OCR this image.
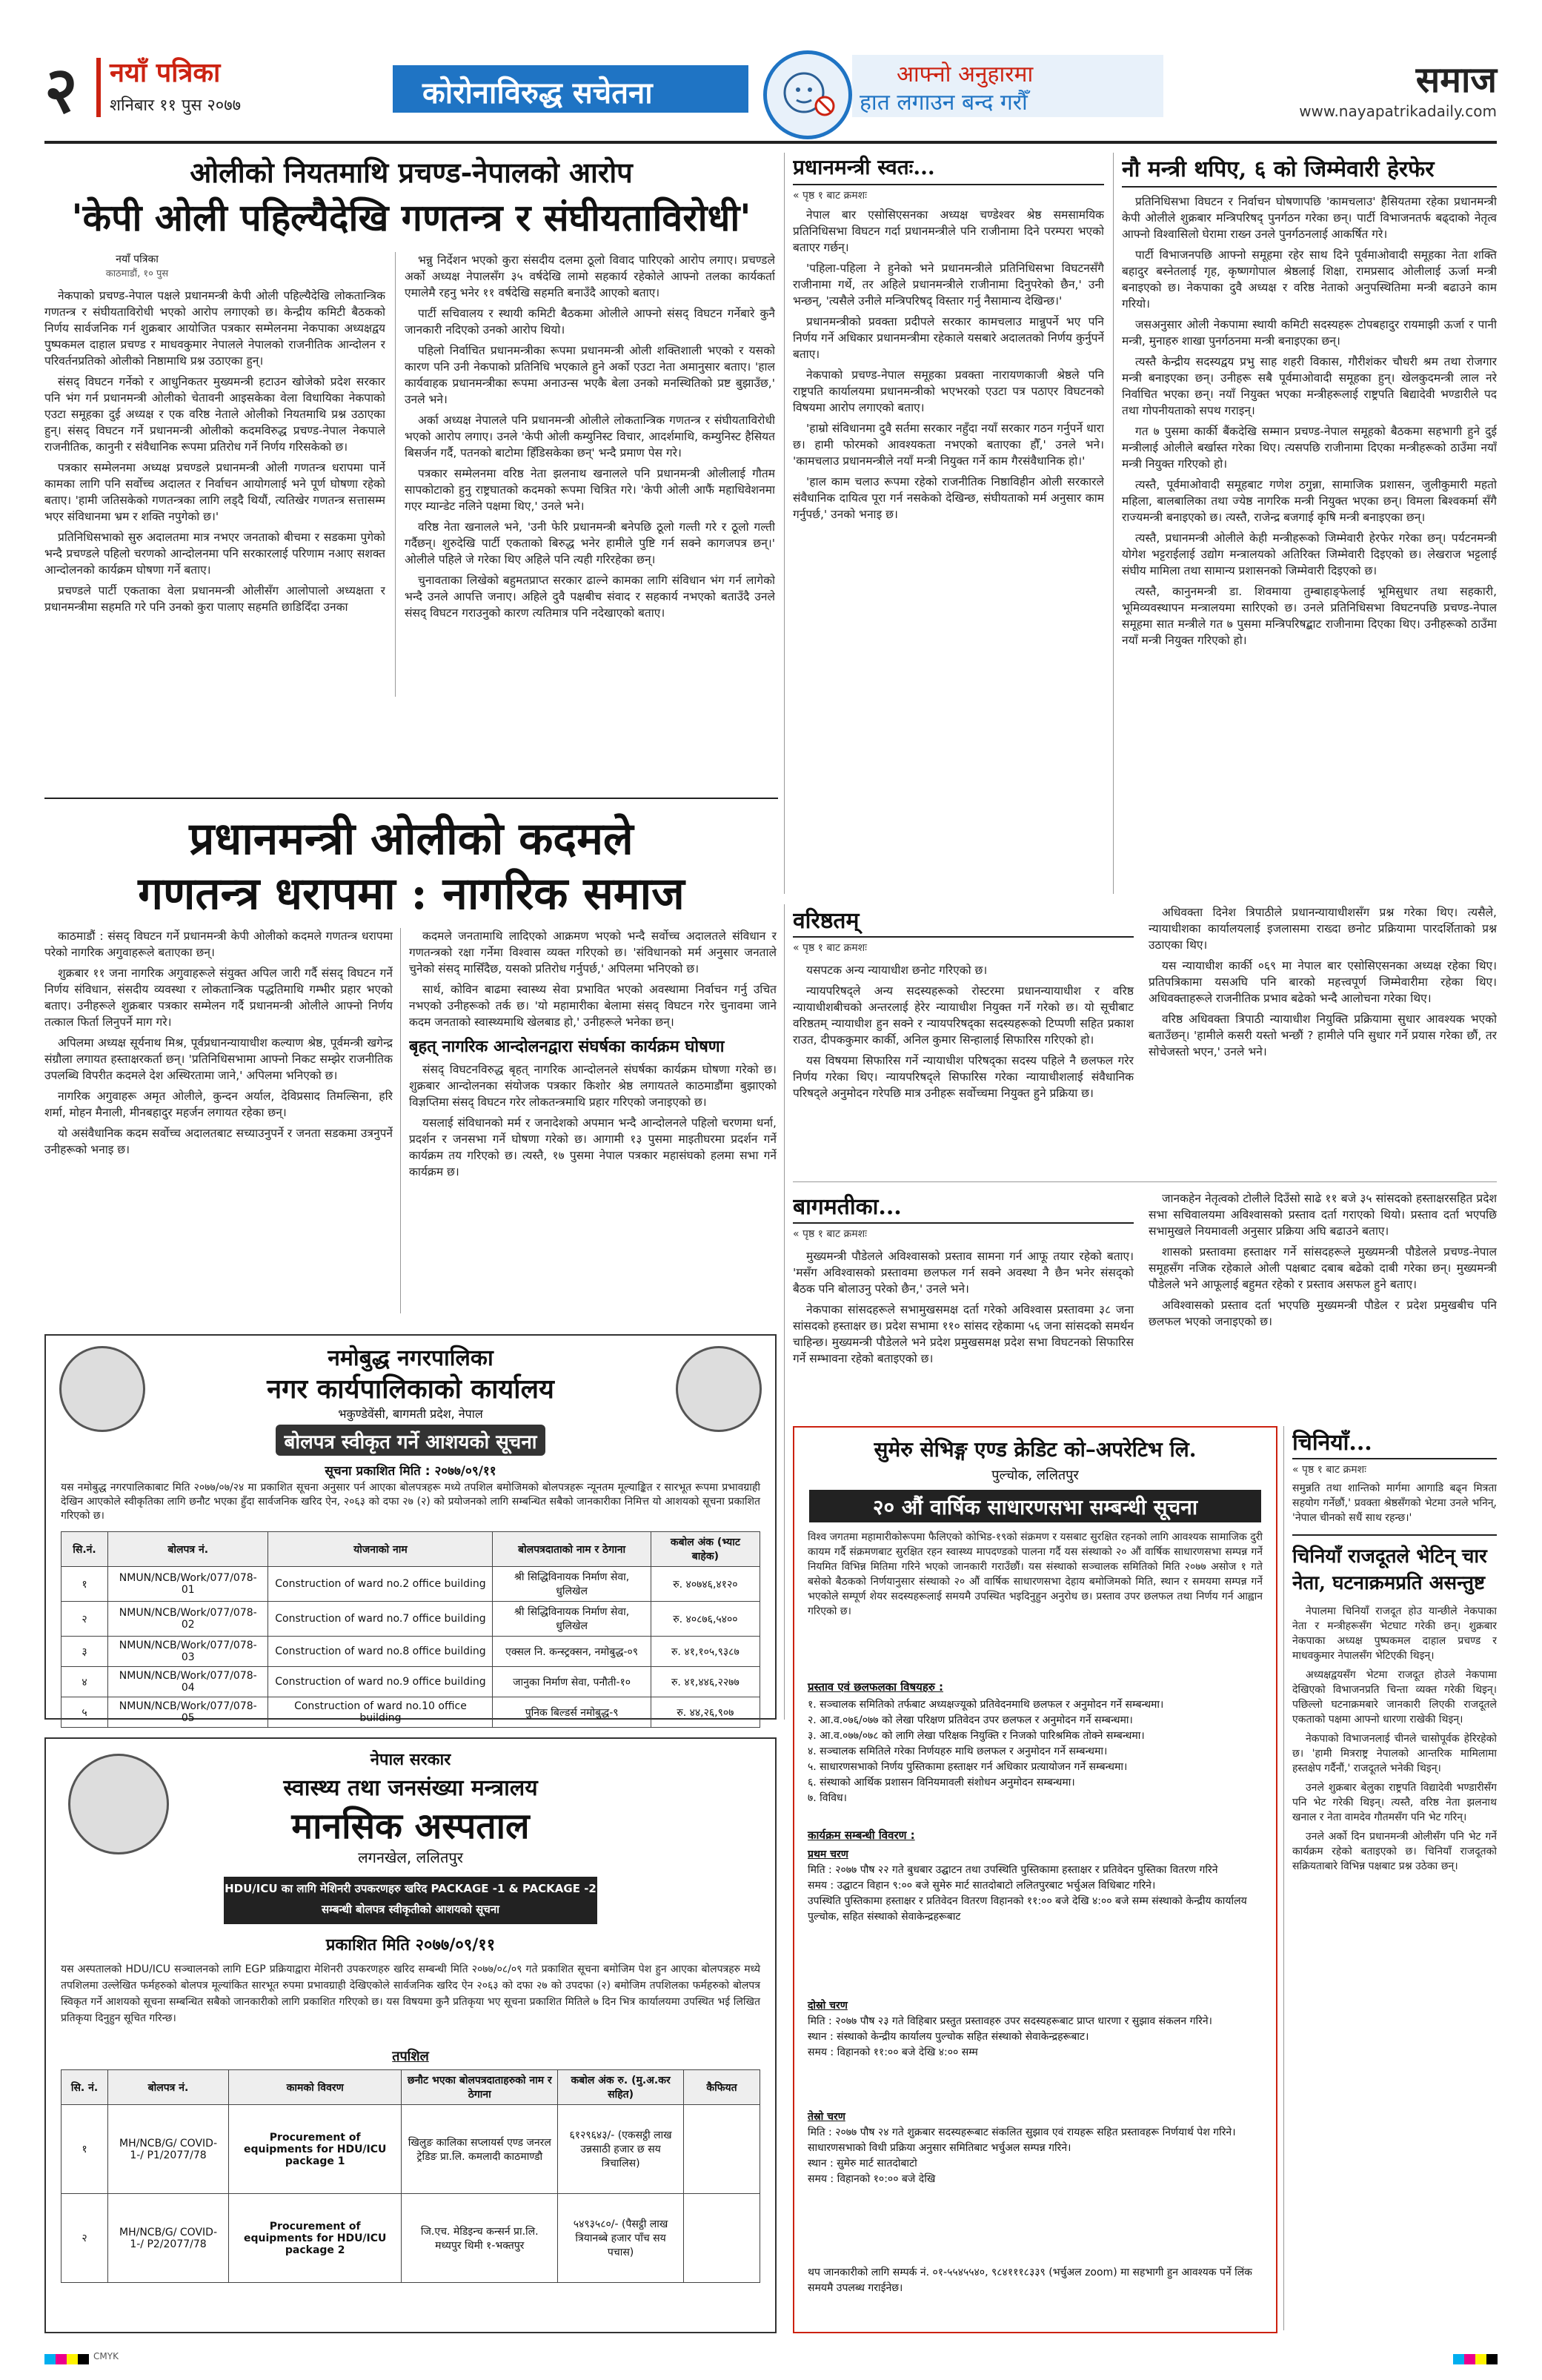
२ नयाँ पत्रिका
शनिबार ११ पुस २०७७	कोरोनाविरुद्ध सचेतना
आफ्नो अनुहारमा
हात लगाउन बन्द गरौँ
समाज
www.nayapatrikadaily.com
ओलीको नियतमाथि प्रचण्ड-नेपालको आरोप
'केपी ओली पहिल्यैदेखि गणतन्त्र र संघीयताविरोधी'
नयाँ पत्रिका
काठमाडौं, १० पुस

नेकपाको प्रचण्ड-नेपाल पक्षले प्रधानमन्त्री केपी ओली पहिल्यैदेखि लोकतान्त्रिक गणतन्त्र र संघीयताविरोधी भएको आरोप लगाएको छ। केन्द्रीय कमिटी बैठकको निर्णय सार्वजनिक गर्न शुक्रबार आयोजित पत्रकार सम्मेलनमा नेकपाका अध्यक्षद्वय पुष्पकमल दाहाल प्रचण्ड र माधवकुमार नेपालले नेपालको राजनीतिक आन्दोलन र परिवर्तनप्रतिको ओलीको निष्ठामाथि प्रश्न उठाएका हुन्।

संसद् विघटन गर्नेको र आधुनिकतर मुख्यमन्त्री हटाउन खोजेको प्रदेश सरकार पनि भंग गर्न प्रधानमन्त्री ओलीको चेतावनी आइसकेका वेला विधायिका नेकपाको एउटा समूहका दुई अध्यक्ष र एक वरिष्ठ नेताले ओलीको नियतमाथि प्रश्न उठाएका हुन्। संसद् विघटन गर्ने प्रधानमन्त्री ओलीको कदमविरुद्ध प्रचण्ड-नेपाल नेकपाले राजनीतिक, कानुनी र संवैधानिक रूपमा प्रतिरोध गर्ने निर्णय गरिसकेको छ।

पत्रकार सम्मेलनमा अध्यक्ष प्रचण्डले प्रधानमन्त्री ओली गणतन्त्र धरापमा पार्ने कामका लागि पनि सर्वोच्च अदालत र निर्वाचन आयोगलाई भने पूर्ण घोषणा रहेको बताए। 'हामी जतिसकेको गणतन्त्रका लागि लड्दै थियौं, त्यतिखेर गणतन्त्र सत्तासम्म भएर संविधानमा भ्रम र शक्ति नपुगेको छ।'

प्रतिनिधिसभाको सुरु अदालतमा मात्र नभएर जनताको बीचमा र सडकमा पुगेको भन्दै प्रचण्डले पहिलो चरणको आन्दोलनमा पनि सरकारलाई परिणाम नआए सशक्त आन्दोलनको कार्यक्रम घोषणा गर्ने बताए।

प्रचण्डले पार्टी एकताका वेला प्रधानमन्त्री ओलीसँग आलोपालो अध्यक्षता र प्रधानमन्त्रीमा सहमति गरे पनि उनको कुरा पालाए सहमति छाडिदिँदा उनका

भन्नु निर्देशन भएको कुरा संसदीय दलमा ठूलो विवाद पारिएको आरोप लगाए। प्रचण्डले अर्को अध्यक्ष नेपालसँग ३५ वर्षदेखि लामो सहकार्य रहेकोले आफ्नो तलका कार्यकर्ता एमालेमै रहनु भनेर ११ वर्षदेखि सहमति बनाउँदै आएको बताए।

पार्टी सचिवालय र स्थायी कमिटी बैठकमा ओलीले आफ्नो संसद् विघटन गर्नेबारे कुनै जानकारी नदिएको उनको आरोप थियो।

पहिलो निर्वाचित प्रधानमन्त्रीका रूपमा प्रधानमन्त्री ओली शक्तिशाली भएको र यसको कारण पनि उनी नेकपाको प्रतिनिधि भएकाले हुने अर्को एउटा नेता अमानुसार बताए। 'हाल कार्यवाहक प्रधानमन्त्रीका रूपमा अनाउन्स भएकै बेला उनको मनस्थितिको प्रष्ट बुझाउँछ,' उनले भने।

अर्का अध्यक्ष नेपालले पनि प्रधानमन्त्री ओलीले लोकतान्त्रिक गणतन्त्र र संघीयताविरोधी भएको आरोप लगाए। उनले 'केपी ओली कम्युनिस्ट विचार, आदर्शमाथि, कम्युनिस्ट हैसियत बिसर्जन गर्दै, पतनको बाटोमा हिँडिसकेका छन्' भन्दै प्रमाण पेस गरे।

पत्रकार सम्मेलनमा वरिष्ठ नेता झलनाथ खनालले पनि प्रधानमन्त्री ओलीलाई गौतम सापकोटाको हुनु राष्ट्रघातको कदमको रूपमा चित्रित गरे। 'केपी ओली आफैं महाधिवेशनमा गएर म्यान्डेट नलिने पक्षमा थिए,' उनले भने।

वरिष्ठ नेता खनालले भने, 'उनी फेरि प्रधानमन्त्री बनेपछि ठूलो गल्ती गरे र ठूलो गल्ती गर्दैछन्। शुरुदेखि पार्टी एकताको बिरुद्ध भनेर हामीले पुष्टि गर्न सक्ने कागजपत्र छन्।' ओलीले पहिले जे गरेका थिए अहिले पनि त्यही गरिरहेका छन्।

चुनावताका लिखेको बहुमतप्राप्त सरकार ढाल्ने कामका लागि संविधान भंग गर्न लागेको भन्दै उनले आपत्ति जनाए। अहिले दुवै पक्षबीच संवाद र सहकार्य नभएको बताउँदै उनले संसद् विघटन गराउनुको कारण त्यतिमात्र पनि नदेखाएको बताए।

प्रधानमन्त्री स्वतः...
« पृष्ठ १ बाट क्रमशः

नेपाल बार एसोसिएसनका अध्यक्ष चण्डेश्वर श्रेष्ठ समसामयिक प्रतिनिधिसभा विघटन गर्दा प्रधानमन्त्रीले पनि राजीनामा दिने परम्परा भएको बताएर गर्छन्।

'पहिला-पहिला ने हुनेको भने प्रधानमन्त्रीले प्रतिनिधिसभा विघटनसँगै राजीनामा गर्थे, तर अहिले प्रधानमन्त्रीले राजीनामा दिनुपरेको छैन,' उनी भन्छन्, 'त्यसैले उनीले मन्त्रिपरिषद् विस्तार गर्नु नैसामान्य देखिन्छ।'

प्रधानमन्त्रीको प्रवक्ता प्रदीपले सरकार कामचलाउ मान्नुपर्ने भए पनि निर्णय गर्ने अधिकार प्रधानमन्त्रीमा रहेकाले यसबारे अदालतको निर्णय कुर्नुपर्ने बताए।

नेकपाको प्रचण्ड-नेपाल समूहका प्रवक्ता नारायणकाजी श्रेष्ठले पनि राष्ट्रपति कार्यालयमा प्रधानमन्त्रीको भएभरको एउटा पत्र पठाएर विघटनको विषयमा आरोप लगाएको बताए।

'हाम्रो संविधानमा दुवै सर्तमा सरकार नहुँदा नयाँ सरकार गठन गर्नुपर्ने धारा छ। हामी फोरमको आवश्यकता नभएको बताएका हौँ,' उनले भने। 'कामचलाउ प्रधानमन्त्रीले नयाँ मन्त्री नियुक्त गर्ने काम गैरसंवैधानिक हो।'

'हाल काम चलाउ रूपमा रहेको राजनीतिक निष्ठाविहीन ओली सरकारले संवैधानिक दायित्व पूरा गर्न नसकेको देखिन्छ, संघीयताको मर्म अनुसार काम गर्नुपर्छ,' उनको भनाइ छ।

नौ मन्त्री थपिए, ६ को जिम्मेवारी हेरफेर

प्रतिनिधिसभा विघटन र निर्वाचन घोषणापछि 'कामचलाउ' हैसियतमा रहेका प्रधानमन्त्री केपी ओलीले शुक्रबार मन्त्रिपरिषद् पुनर्गठन गरेका छन्। पार्टी विभाजनतर्फ बढ्दाको नेतृत्व आफ्नो विश्वासिलो घेरामा राख्न उनले पुनर्गठनलाई आकर्षित गरे।

पार्टी विभाजनपछि आफ्नो समूहमा रहेर साथ दिने पूर्वमाओवादी समूहका नेता शक्ति बहादुर बस्नेतलाई गृह, कृष्णगोपाल श्रेष्ठलाई शिक्षा, रामप्रसाद ओलीलाई ऊर्जा मन्त्री बनाइएको छ। नेकपाका दुवै अध्यक्ष र वरिष्ठ नेताको अनुपस्थितिमा मन्त्री बढाउने काम गरियो।

जसअनुसार ओली नेकपामा स्थायी कमिटी सदस्यहरू टोपबहादुर रायमाझी ऊर्जा र पानी मन्त्री, मुनाहरु शाखा पुनर्गठनमा मन्त्री बनाइएका छन्।

त्यस्तै केन्द्रीय सदस्यद्वय प्रभु साह शहरी विकास, गौरीशंकर चौधरी श्रम तथा रोजगार मन्त्री बनाइएका छन्। उनीहरू सबै पूर्वमाओवादी समूहका हुन्। खेलकुदमन्त्री लाल नरे निर्वाचित भएका छन्। नयाँ नियुक्त भएका मन्त्रीहरूलाई राष्ट्रपति बिद्यादेवी भण्डारीले पद तथा गोपनीयताको सपथ गराइन्।

गत ७ पुसमा कार्की बैंकदेखि सम्मान प्रचण्ड-नेपाल समूहको बैठकमा सहभागी हुने दुई मन्त्रीलाई ओलीले बर्खास्त गरेका थिए। त्यसपछि राजीनामा दिएका मन्त्रीहरूको ठाउँमा नयाँ मन्त्री नियुक्त गरिएको हो।

त्यस्तै, पूर्वमाओवादी समूहबाट गणेश ठगुन्ना, सामाजिक प्रशासन, जुलीकुमारी महतो महिला, बालबालिका तथा ज्येष्ठ नागरिक मन्त्री नियुक्त भएका छन्। विमला बिश्वकर्मा सँगै राज्यमन्त्री बनाइएको छ। त्यस्तै, राजेन्द्र बजगाई कृषि मन्त्री बनाइएका छन्।

त्यस्तै, प्रधानमन्त्री ओलीले केही मन्त्रीहरूको जिम्मेवारी हेरफेर गरेका छन्। पर्यटनमन्त्री योगेश भट्टराईलाई उद्योग मन्त्रालयको अतिरिक्त जिम्मेवारी दिइएको छ। लेखराज भट्टलाई संघीय मामिला तथा सामान्य प्रशासनको जिम्मेवारी दिइएको छ।

त्यस्तै, कानुनमन्त्री डा. शिवमाया तुम्बाहाङ्फेलाई भूमिसुधार तथा सहकारी, भूमिव्यवस्थापन मन्त्रालयमा सारिएको छ। उनले प्रतिनिधिसभा विघटनपछि प्रचण्ड-नेपाल समूहमा सात मन्त्रीले गत ७ पुसमा मन्त्रिपरिषद्बाट राजीनामा दिएका थिए। उनीहरूको ठाउँमा नयाँ मन्त्री नियुक्त गरिएको हो।

प्रधानमन्त्री ओलीको कदमले
गणतन्त्र धरापमा : नागरिक समाज

काठमाडौं : संसद् विघटन गर्ने प्रधानमन्त्री केपी ओलीको कदमले गणतन्त्र धरापमा परेको नागरिक अगुवाहरूले बताएका छन्।

शुक्रबार ११ जना नागरिक अगुवाहरूले संयुक्त अपिल जारी गर्दै संसद् विघटन गर्ने निर्णय संविधान, संसदीय व्यवस्था र लोकतान्त्रिक पद्धतिमाथि गम्भीर प्रहार भएको बताए। उनीहरूले शुक्रबार पत्रकार सम्मेलन गर्दै प्रधानमन्त्री ओलीले आफ्नो निर्णय तत्काल फिर्ता लिनुपर्ने माग गरे।

अपिलमा अध्यक्ष सूर्यनाथ मिश्र, पूर्वप्रधानन्यायाधीश कल्याण श्रेष्ठ, पूर्वमन्त्री खगेन्द्र संग्रौला लगायत हस्ताक्षरकर्ता छन्। 'प्रतिनिधिसभामा आफ्नो निकट सम्झेर राजनीतिक उपलब्धि विपरीत कदमले देश अस्थिरतामा जाने,' अपिलमा भनिएको छ।

नागरिक अगुवाहरू अमृत ओलीले, कुन्दन अर्याल, देविप्रसाद तिमल्सिना, हरि शर्मा, मोहन मैनाली, मीनबहादुर महर्जन लगायत रहेका छन्।

यो असंवैधानिक कदम सर्वोच्च अदालतबाट सच्याउनुपर्ने र जनता सडकमा उत्रनुपर्ने उनीहरूको भनाइ छ।

कदमले जनतामाथि लादिएको आक्रमण भएको भन्दै सर्वोच्च अदालतले संविधान र गणतन्त्रको रक्षा गर्नेमा विश्वास व्यक्त गरिएको छ। 'संविधानको मर्म अनुसार जनताले चुनेको संसद् मासिँदैछ, यसको प्रतिरोध गर्नुपर्छ,' अपिलमा भनिएको छ।

सार्थ, कोविन बाढमा स्वास्थ्य सेवा प्रभावित भएको अवस्थामा निर्वाचन गर्नु उचित नभएको उनीहरूको तर्क छ। 'यो महामारीका बेलामा संसद् विघटन गरेर चुनावमा जाने कदम जनताको स्वास्थ्यमाथि खेलबाड हो,' उनीहरूले भनेका छन्।

बृहत् नागरिक आन्दोलनद्वारा संघर्षका कार्यक्रम घोषणा

संसद् विघटनविरुद्ध बृहत् नागरिक आन्दोलनले संघर्षका कार्यक्रम घोषणा गरेको छ। शुक्रबार आन्दोलनका संयोजक पत्रकार किशोर श्रेष्ठ लगायतले काठमाडौंमा बुझाएको विज्ञप्तिमा संसद् विघटन गरेर लोकतन्त्रमाथि प्रहार गरिएको जनाइएको छ।

यसलाई संविधानको मर्म र जनादेशको अपमान भन्दै आन्दोलनले पहिलो चरणमा धर्ना, प्रदर्शन र जनसभा गर्ने घोषणा गरेको छ। आगामी १३ पुसमा माइतीघरमा प्रदर्शन गर्ने कार्यक्रम तय गरिएको छ। त्यस्तै, १७ पुसमा नेपाल पत्रकार महासंघको हलमा सभा गर्ने कार्यक्रम छ।

वरिष्ठतम्
« पृष्ठ १ बाट क्रमशः

यसपटक अन्य न्यायाधीश छनोट गरिएको छ।

न्यायपरिषद्ले अन्य सदस्यहरूको रोस्टरमा प्रधानन्यायाधीश र वरिष्ठ न्यायाधीशबीचको अन्तरलाई हेरेर न्यायाधीश नियुक्त गर्ने गरेको छ। यो सूचीबाट वरिष्ठतम् न्यायाधीश हुन सक्ने र न्यायपरिषद्का सदस्यहरूको टिप्पणी सहित प्रकाश राउत, दीपककुमार कार्की, अनिल कुमार सिन्हालाई सिफारिस गरिएको हो।

यस विषयमा सिफारिस गर्ने न्यायाधीश परिषद्का सदस्य पहिले नै छलफल गरेर निर्णय गरेका थिए। न्यायपरिषद्ले सिफारिस गरेका न्यायाधीशलाई संवैधानिक परिषद्ले अनुमोदन गरेपछि मात्र उनीहरू सर्वोच्चमा नियुक्त हुने प्रक्रिया छ।

अधिवक्ता दिनेश त्रिपाठीले प्रधानन्यायाधीशसँग प्रश्न गरेका थिए। त्यसैले, न्यायाधीशका कार्यालयलाई इजलासमा राख्दा छनोट प्रक्रियामा पारदर्शिताको प्रश्न उठाएका थिए।

यस न्यायाधीश कार्की ०६९ मा नेपाल बार एसोसिएसनका अध्यक्ष रहेका थिए। प्रतिपत्रिकामा यसअघि पनि बारको महत्त्वपूर्ण जिम्मेवारीमा रहेका थिए। अधिवक्ताहरूले राजनीतिक प्रभाव बढेको भन्दै आलोचना गरेका थिए।

वरिष्ठ अधिवक्ता त्रिपाठी न्यायाधीश नियुक्ति प्रक्रियामा सुधार आवश्यक भएको बताउँछन्। 'हामीले कसरी यस्तो भन्छौं ? हामीले पनि सुधार गर्ने प्रयास गरेका छौं, तर सोचेजस्तो भएन,' उनले भने।

बागमतीका...
« पृष्ठ १ बाट क्रमशः

मुख्यमन्त्री पौडेलले अविश्वासको प्रस्ताव सामना गर्न आफू तयार रहेको बताए। 'मसँग अविश्वासको प्रस्तावमा छलफल गर्न सक्ने अवस्था नै छैन भनेर संसद्‌को बैठक पनि बोलाउनु परेको छैन,' उनले भने।

नेकपाका सांसदहरूले सभामुखसमक्ष दर्ता गरेको अविश्वास प्रस्तावमा ३८ जना सांसदको हस्ताक्षर छ। प्रदेश सभामा ११० सांसद रहेकामा ५६ जना सांसदको समर्थन चाहिन्छ। मुख्यमन्त्री पौडेलले भने प्रदेश प्रमुखसमक्ष प्रदेश सभा विघटनको सिफारिस गर्ने सम्भावना रहेको बताइएको छ।

जानकहेन नेतृत्वको टोलीले दिउँसो साढे ११ बजे ३५ सांसदको हस्ताक्षरसहित प्रदेश सभा सचिवालयमा अविश्वासको प्रस्ताव दर्ता गराएको थियो। प्रस्ताव दर्ता भएपछि सभामुखले नियमावली अनुसार प्रक्रिया अघि बढाउने बताए।

शासको प्रस्तावमा हस्ताक्षर गर्ने सांसदहरूले मुख्यमन्त्री पौडेलले प्रचण्ड-नेपाल समूहसँग नजिक रहेकाले ओली पक्षबाट दबाब बढेको दाबी गरेका छन्। मुख्यमन्त्री पौडेलले भने आफूलाई बहुमत रहेको र प्रस्ताव असफल हुने बताए।

अविश्वासको प्रस्ताव दर्ता भएपछि मुख्यमन्त्री पौडेल र प्रदेश प्रमुखबीच पनि छलफल भएको जनाइएको छ।

नमोबुद्ध नगरपालिका
नगर कार्यपालिकाको कार्यालय
भकुण्डेवेंसी, बागमती प्रदेश, नेपाल
बोलपत्र स्वीकृत गर्ने आशयको सूचना
सूचना प्रकाशित मिति : २०७७/०९/११
यस नमोबुद्ध नगरपालिकाबाट मिति २०७७/०७/२४ मा प्रकाशित सूचना अनुसार पर्न आएका बोलपत्रहरू मध्ये तपशिल बमोजिमको बोलपत्रहरू न्यूनतम मूल्याङ्कित र सारभूत रूपमा प्रभावग्राही देखिन आएकोले स्वीकृतिका लागि छनौट भएका हुँदा सार्वजनिक खरिद ऐन, २०६३ को दफा २७ (२) को प्रयोजनको लागि सम्बन्धित सबैको जानकारीका निमित्त यो आशयको सूचना प्रकाशित गरिएको छ।
सि.नं.	बोलपत्र नं.	योजनाको नाम	बोलपत्रदाताको नाम र ठेगाना	कबोल अंक (भ्याट बाहेक)
१	NMUN/NCB/Work/077/078-01	Construction of ward no.2 office building	श्री सिद्धिविनायक निर्माण सेवा, धुलिखेल	रु. ४०७४६,४१२०
२	NMUN/NCB/Work/077/078-02	Construction of ward no.7 office building	श्री सिद्धिविनायक निर्माण सेवा, धुलिखेल	रु. ४०८७६,५४००
३	NMUN/NCB/Work/077/078-03	Construction of ward no.8 office building	एक्सल नि. कन्स्ट्रक्सन, नमोबुद्ध-०९	रु. ४१,१०५,९३८७
४	NMUN/NCB/Work/077/078-04	Construction of ward no.9 office building	जानुका निर्माण सेवा, पनौती-१०	रु. ४१,४४६,२२७७
५	NMUN/NCB/Work/077/078-05	Construction of ward no.10 office building	पुनिक बिल्डर्स नमोबुद्ध-९	रु. ४४,२६,९०७
नेपाल सरकार
स्वास्थ्य तथा जनसंख्या मन्त्रालय
मानसिक अस्पताल
लगनखेल, ललितपुर
HDU/ICU का लागि मेशिनरी उपकरणहरु खरिद PACKAGE -1 & PACKAGE -2
सम्बन्धी बोलपत्र स्वीकृतीको आशयको सूचना
प्रकाशित मिति २०७७/०९/११
यस अस्पतालको HDU/ICU सञ्चालनको लागि EGP प्रक्रियाद्वारा मेशिनरी उपकरणहरु खरिद सम्बन्धी मिति २०७७/०८/०९ गते प्रकाशित सूचना बमोजिम पेश हुन आएका बोलपत्रहरु मध्ये तपशिलमा उल्लेखित फर्महरुको बोलपत्र मूल्यांकित सारभूत रुपमा प्रभावग्राही देखिएकोले सार्वजनिक खरिद ऐन २०६३ को दफा २७ को उपदफा (२) बमोजिम तपशिलका फर्महरुको बोलपत्र स्विकृत गर्ने आशयको सूचना सम्बन्धित सबैको जानकारीको लागि प्रकाशित गरिएको छ। यस विषयमा कुनै प्रतिकृया भए सूचना प्रकाशित मितिले ७ दिन भित्र कार्यालयमा उपस्थित भई लिखित प्रतिकृया दिनुहुन सूचित गरिन्छ।
तपशिल
सि. नं.	बोलपत्र नं.	कामको विवरण	छनौट भएका बोलपत्रदाताहरुको नाम र ठेगाना	कबोल अंक रु. (मु.अ.कर सहित)	कैफियत
१	MH/NCB/G/ COVID-1-/ P1/2077/78	Procurement of equipments for HDU/ICU package 1	खिलुङ कालिका सप्लायर्स एण्ड जनरल ट्रेडिङ प्रा.लि. कमलादी काठमाण्डौ	६१२९६४३/- (एकसट्ठी लाख उन्नसाठी हजार छ सय त्रिचालिस)	
२	MH/NCB/G/ COVID-1-/ P2/2077/78	Procurement of equipments for HDU/ICU package 2	जि.एच. मेडिइन्च कन्सर्न प्रा.लि. मध्यपुर थिमी १-भक्तपुर	५४९३५८०/- (पैसट्ठी लाख त्रियानब्बे हजार पाँच सय पचास)	
सुमेरु सेभिङ्ग एण्ड क्रेडिट को–अपरेटिभ लि.
पुल्चोक, ललितपुर
२० औं वार्षिक साधारणसभा सम्बन्धी सूचना
विश्व जगतमा महामारीकोरूपमा फैलिएको कोभिड-१९को संक्रमण र यसबाट सुरक्षित रहनको लागि आवश्यक सामाजिक दुरी कायम गर्दै संक्रमणबाट सुरक्षित रहन स्वास्थ्य मापदण्डको पालना गर्दै यस संस्थाको २० औं वार्षिक साधारणसभा सम्पन्न गर्ने नियमित विभिन्न मितिमा गरिने भएको जानकारी गराउँछौं। यस संस्थाको सञ्चालक समितिको मिति २०७७ असोज १ गते बसेको बैठकको निर्णयानुसार संस्थाको २० औं वार्षिक साधारणसभा देहाय बमोजिमको मिति, स्थान र समयमा सम्पन्न गर्ने भएकोले सम्पूर्ण शेयर सदस्यहरूलाई समयमै उपस्थित भइदिनुहुन अनुरोध छ। प्रस्ताव उपर छलफल तथा निर्णय गर्न आह्वान गरिएको छ।
प्रस्ताव एवं छलफलका विषयहरु :
१. सञ्चालक समितिको तर्फबाट अध्यक्षज्यूको प्रतिवेदनमाथि छलफल र अनुमोदन गर्ने सम्बन्धमा।
२. आ.व.०७६/०७७ को लेखा परिक्षण प्रतिवेदन उपर छलफल र अनुमोदन गर्ने सम्बन्धमा।
३. आ.व.०७७/०७८ को लागि लेखा परिक्षक नियुक्ति र निजको पारिश्रमिक तोक्ने सम्बन्धमा।
४. सञ्चालक समितिले गरेका निर्णयहरु माथि छलफल र अनुमोदन गर्ने सम्बन्धमा।
५. साधारणसभाको निर्णय पुस्तिकामा हस्ताक्षर गर्न अधिकार प्रत्यायोजन गर्ने सम्बन्धमा।
६. संस्थाको आर्थिक प्रशासन विनियमावली संशोधन अनुमोदन सम्बन्धमा।
७. विविध।
कार्यक्रम सम्बन्धी विवरण :
प्रथम चरण
मिति : २०७७ पौष २२ गते बुधबार उद्घाटन तथा उपस्थिति पुस्तिकामा हस्ताक्षर र प्रतिवेदन पुस्तिका वितरण गरिने
समय : उद्घाटन विहान ९:०० बजे सुमेरु मार्ट सातदोबाटो ललितपुरबाट भर्चुअल विधिबाट गरिने।
उपस्थिति पुस्तिकामा हस्ताक्षर र प्रतिवेदन वितरण विहानको ११:०० बजे देखि ४:०० बजे सम्म संस्थाको केन्द्रीय कार्यालय पुल्चोक, सहित संस्थाको सेवाकेन्द्रहरूबाट
दोस्रो चरण
मिति : २०७७ पौष २३ गते विहिबार प्रस्तुत प्रस्तावहरु उपर सदस्यहरूबाट प्राप्त धारणा र सुझाव संकलन गरिने।
स्थान : संस्थाको केन्द्रीय कार्यालय पुल्चोक सहित संस्थाको सेवाकेन्द्रहरूबाट।
समय : विहानको ११:०० बजे देखि ४:०० सम्म
तेस्रो चरण
मिति : २०७७ पौष २४ गते शुक्रबार सदस्यहरूबाट संकलित सुझाव एवं रायहरू सहित प्रस्तावहरू निर्णयार्थ पेश गरिने।
साधारणसभाको विधी प्रक्रिया अनुसार समितिबाट भर्चुअल सम्पन्न गरिने।
स्थान : सुमेरु मार्ट सातदोबाटो
समय : विहानको १०:०० बजे देखि
थप जानकारीको लागि सम्पर्क नं. ०१-५५४५५४०, ९८४१११८३३९ (भर्चुअल zoom) मा सहभागी हुन आवश्यक पर्ने लिंक समयमै उपलब्ध गराईनेछ।
चिनियाँ...
« पृष्ठ १ बाट क्रमशः
समुन्नति तथा शान्तिको मार्गमा आगाडि बढ्न मित्रता सहयोग गर्नेछौं,' प्रवक्ता श्रेष्ठसँगको भेटमा उनले भनिन्, 'नेपाल चीनको सधैं साथ रहन्छ।'
चिनियाँ राजदूतले भेटिन् चार नेता, घटनाक्रमप्रति असन्तुष्ट

नेपालमा चिनियाँ राजदूत होउ यान्छीले नेकपाका नेता र मन्त्रीहरूसँग भेटघाट गरेकी छन्। शुक्रबार नेकपाका अध्यक्ष पुष्पकमल दाहाल प्रचण्ड र माधवकुमार नेपालसँग भेटिएकी थिइन्।

अध्यक्षद्वयसँग भेटमा राजदूत होउले नेकपामा देखिएको विभाजनप्रति चिन्ता व्यक्त गरेकी थिइन्। पछिल्लो घटनाक्रमबारे जानकारी लिएकी राजदूतले एकताको पक्षमा आफ्नो धारणा राखेकी थिइन्।

नेकपाको विभाजनलाई चीनले चासोपूर्वक हेरिरहेको छ। 'हामी मित्रराष्ट्र नेपालको आन्तरिक मामिलामा हस्तक्षेप गर्दैनौं,' राजदूतले भनेकी थिइन्।

उनले शुक्रबार बेलुका राष्ट्रपति विद्यादेवी भण्डारीसँग पनि भेट गरेकी थिइन्। त्यस्तै, वरिष्ठ नेता झलनाथ खनाल र नेता वामदेव गौतमसँग पनि भेट गरिन्।

उनले अर्को दिन प्रधानमन्त्री ओलीसँग पनि भेट गर्ने कार्यक्रम रहेको बताइएको छ। चिनियाँ राजदूतको सक्रियताबारे विभिन्न पक्षबाट प्रश्न उठेका छन्।

CMYK
